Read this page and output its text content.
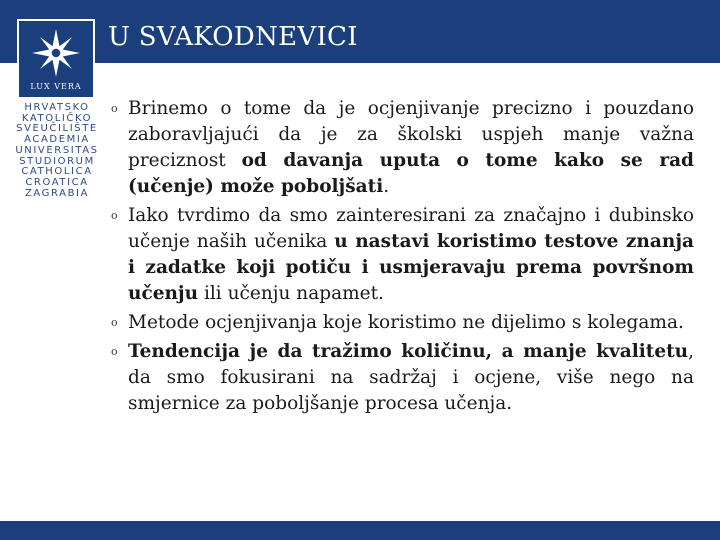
U SVAKODNEVICI
LUX VERA
HRVATSKO
KATOLIČKO
SVEUČILIŠTE
ACADEMIA
UNIVERSITAS
STUDIORUM
CATHOLICA
CROATICA
ZAGRABIA
o Brinemo o tome da je ocjenjivanje precizno i pouzdano zaboravljajući da je za školski uspjeh manje važna preciznost od davanja uputa o tome kako se rad (učenje) može poboljšati.
o Iako tvrdimo da smo zainteresirani za značajno i dubinsko učenje naših učenika u nastavi koristimo testove znanja i zadatke koji potiču i usmjeravaju prema površnom učenju ili učenju napamet.
o Metode ocjenjivanja koje koristimo ne dijelimo s kolegama.
o Tendencija je da tražimo količinu, a manje kvalitetu, da smo fokusirani na sadržaj i ocjene, više nego na smjernice za poboljšanje procesa učenja.
